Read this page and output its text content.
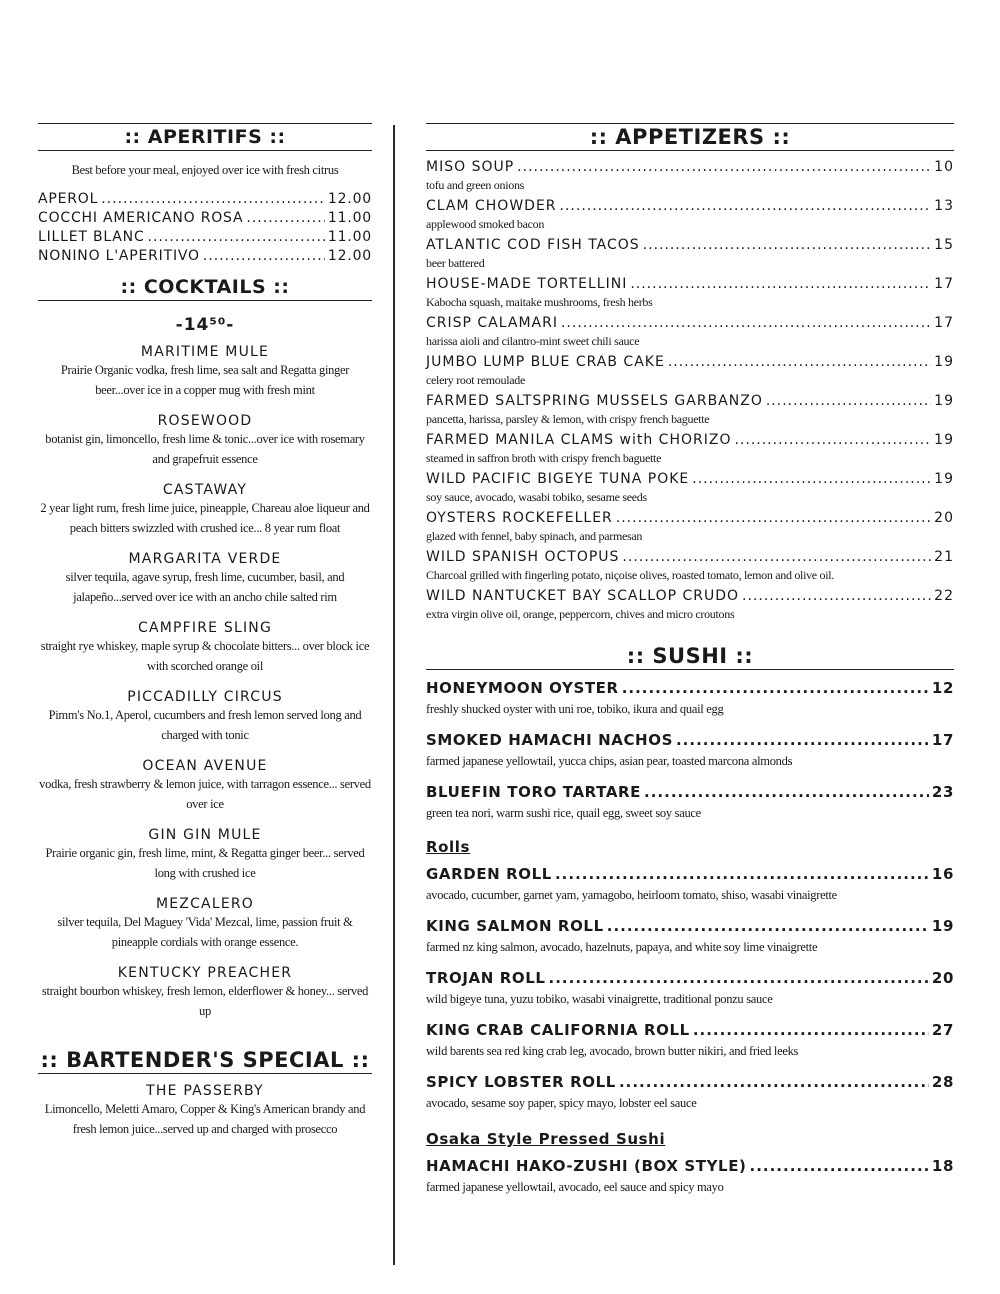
:: APERITIFS ::
Best before your meal, enjoyed over ice with fresh citrus
APEROL .....	12.00
COCCHI AMERICANO ROSA .....	11.00
LILLET BLANC .....	11.00
NONINO L'APERITIVO .....	12.00
:: COCKTAILS ::
-14⁵⁰-
MARITIME MULE
Prairie Organic vodka, fresh lime, sea salt and Regatta ginger beer...over ice in a copper mug with fresh mint
ROSEWOOD
botanist gin, limoncello, fresh lime & tonic...over ice with rosemary and grapefruit essence
CASTAWAY
2 year light rum, fresh lime juice, pineapple, Chareau aloe liqueur and peach bitters swizzled with crushed ice... 8 year rum float
MARGARITA VERDE
silver tequila, agave syrup, fresh lime, cucumber, basil, and jalapeño...served over ice with an ancho chile salted rim
CAMPFIRE SLING
straight rye whiskey, maple syrup & chocolate bitters... over block ice with scorched orange oil
PICCADILLY CIRCUS
Pimm's No.1, Aperol, cucumbers and fresh lemon served long and charged with tonic
OCEAN AVENUE
vodka, fresh strawberry & lemon juice, with tarragon essence... served over ice
GIN GIN MULE
Prairie organic gin, fresh lime, mint, & Regatta ginger beer... served long with crushed ice
MEZCALERO
silver tequila, Del Maguey 'Vida' Mezcal, lime, passion fruit & pineapple cordials with orange essence.
KENTUCKY PREACHER
straight bourbon whiskey, fresh lemon, elderflower & honey... served up
:: BARTENDER'S SPECIAL ::
THE PASSERBY
Limoncello, Meletti Amaro, Copper & King's American brandy and fresh lemon juice...served up and charged with prosecco
:: APPETIZERS ::
MISO SOUP .....	10
tofu and green onions
CLAM CHOWDER .....	13
applewood smoked bacon
ATLANTIC COD FISH TACOS .....	15
beer battered
HOUSE-MADE TORTELLINI .....	17
Kabocha squash, maitake mushrooms, fresh herbs
CRISP CALAMARI .....	17
harissa aioli and cilantro-mint sweet chili sauce
JUMBO LUMP BLUE CRAB CAKE .....	19
celery root remoulade
FARMED SALTSPRING MUSSELS GARBANZO .....	19
pancetta, harissa, parsley & lemon, with crispy french baguette
FARMED MANILA CLAMS with CHORIZO .....	19
steamed in saffron broth with crispy french baguette
WILD PACIFIC BIGEYE TUNA POKE .....	19
soy sauce, avocado, wasabi tobiko, sesame seeds
OYSTERS ROCKEFELLER .....	20
glazed with fennel, baby spinach, and parmesan
WILD SPANISH OCTOPUS .....	21
Charcoal grilled with fingerling potato, niçoise olives, roasted tomato, lemon and olive oil.
WILD NANTUCKET BAY SCALLOP CRUDO .....	22
extra virgin olive oil, orange, peppercorn, chives and micro croutons
:: SUSHI ::
HONEYMOON OYSTER .....	12
freshly shucked oyster with uni roe, tobiko, ikura and quail egg
SMOKED HAMACHI NACHOS .....	17
farmed japanese yellowtail, yucca chips, asian pear, toasted marcona almonds
BLUEFIN TORO TARTARE .....	23
green tea nori, warm sushi rice, quail egg, sweet soy sauce
Rolls
GARDEN ROLL .....	16
avocado, cucumber, garnet yam, yamagobo, heirloom tomato, shiso, wasabi vinaigrette
KING SALMON ROLL .....	19
farmed nz king salmon, avocado, hazelnuts, papaya, and white soy lime vinaigrette
TROJAN ROLL .....	20
wild bigeye tuna, yuzu tobiko, wasabi vinaigrette, traditional ponzu sauce
KING CRAB CALIFORNIA ROLL .....	27
wild barents sea red king crab leg, avocado, brown butter nikiri, and fried leeks
SPICY LOBSTER ROLL .....	28
avocado, sesame soy paper, spicy mayo, lobster eel sauce
Osaka Style Pressed Sushi
HAMACHI HAKO-ZUSHI (BOX STYLE) .....	18
farmed japanese yellowtail, avocado, eel sauce and spicy mayo
